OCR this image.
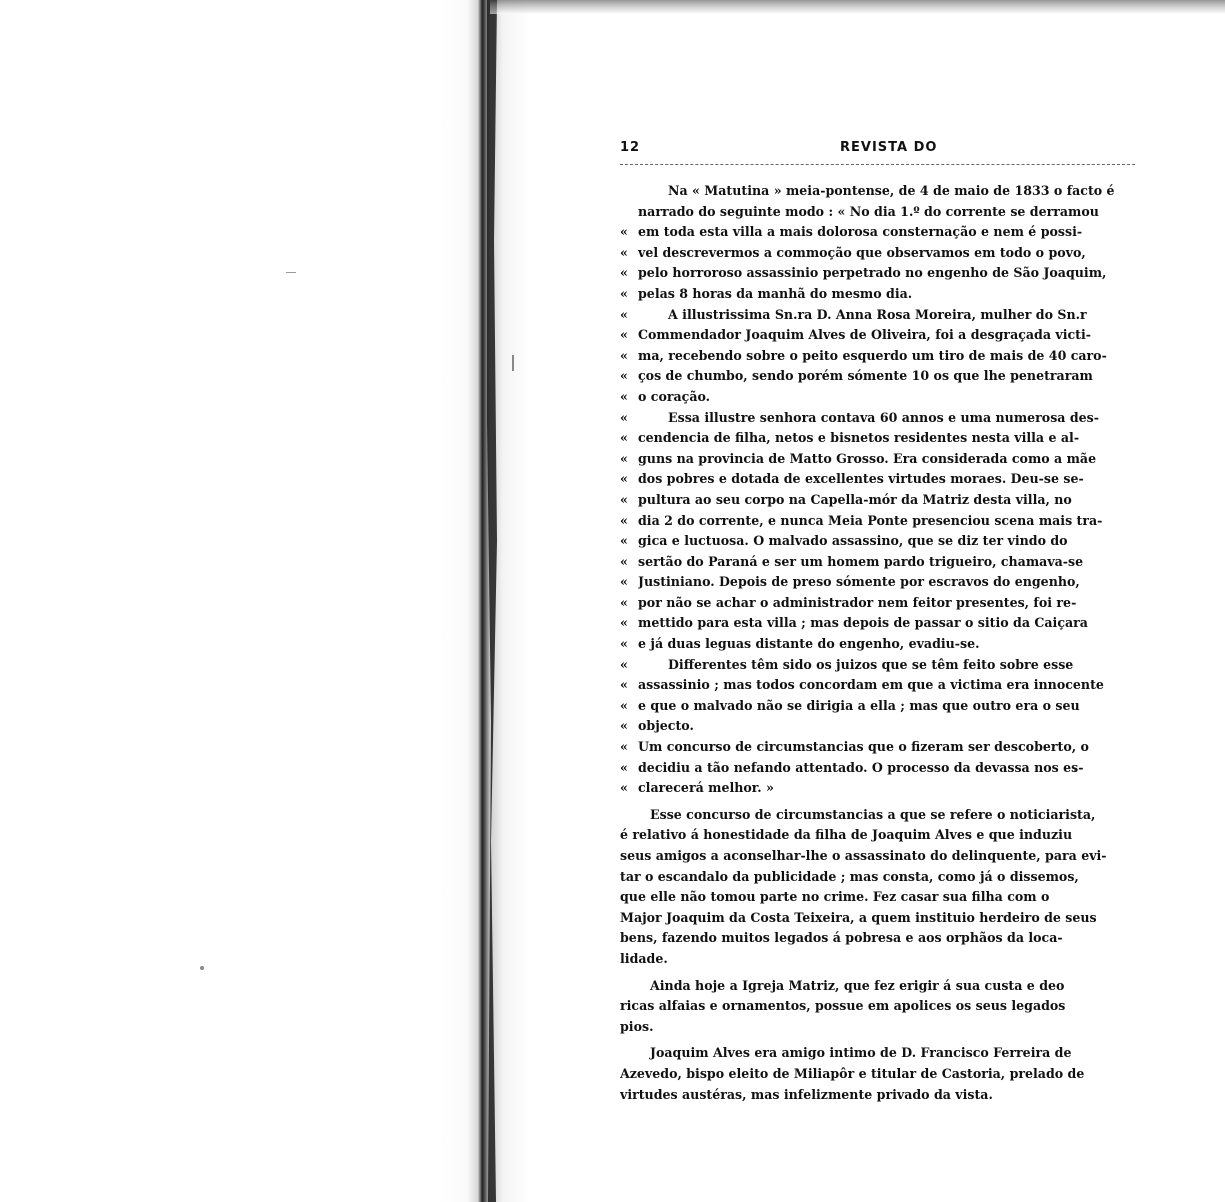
12	REVISTA DO
Na « Matutina » meia-pontense, de 4 de maio de 1833 o facto é
narrado do seguinte modo : « No dia 1.º do corrente se derramou
« em toda esta villa a mais dolorosa consternação e nem é possi-
« vel descrevermos a commoção que observamos em todo o povo,
« pelo horroroso assassinio perpetrado no engenho de São Joaquim,
« pelas 8 horas da manhã do mesmo dia.
«	A illustrissima Sn.ra D. Anna Rosa Moreira, mulher do Sn.r
« Commendador Joaquim Alves de Oliveira, foi a desgraçada victi-
« ma, recebendo sobre o peito esquerdo um tiro de mais de 40 caro-
« ços de chumbo, sendo porém sómente 10 os que lhe penetraram
« o coração.
«	Essa illustre senhora contava 60 annos e uma numerosa des-
« cendencia de filha, netos e bisnetos residentes nesta villa e al-
« guns na provincia de Matto Grosso. Era considerada como a mãe
« dos pobres e dotada de excellentes virtudes moraes. Deu-se se-
« pultura ao seu corpo na Capella-mór da Matriz desta villa, no
« dia 2 do corrente, e nunca Meia Ponte presenciou scena mais tra-
« gica e luctuosa. O malvado assassino, que se diz ter vindo do
« sertão do Paraná e ser um homem pardo trigueiro, chamava-se
« Justiniano. Depois de preso sómente por escravos do engenho,
« por não se achar o administrador nem feitor presentes, foi re-
« mettido para esta villa ; mas depois de passar o sitio da Caiçara
« e já duas leguas distante do engenho, evadiu-se.
«	Differentes têm sido os juizos que se têm feito sobre esse
« assassinio ; mas todos concordam em que a victima era innocente
« e que o malvado não se dirigia a ella ; mas que outro era o seu
« objecto.
« Um concurso de circumstancias que o fizeram ser descoberto, o
« decidiu a tão nefando attentado. O processo da devassa nos es-
« clarecerá melhor. »
Esse concurso de circumstancias a que se refere o noticiarista,
é relativo á honestidade da filha de Joaquim Alves e que induziu
seus amigos a aconselhar-lhe o assassinato do delinquente, para evi-
tar o escandalo da publicidade ; mas consta, como já o dissemos,
que elle não tomou parte no crime. Fez casar sua filha com o
Major Joaquim da Costa Teixeira, a quem instituio herdeiro de seus
bens, fazendo muitos legados á pobresa e aos orphãos da loca-
lidade.
Ainda hoje a Igreja Matriz, que fez erigir á sua custa e deo
ricas alfaias e ornamentos, possue em apolices os seus legados
pios.
Joaquim Alves era amigo intimo de D. Francisco Ferreira de
Azevedo, bispo eleito de Miliapôr e titular de Castoria, prelado de
virtudes austéras, mas infelizmente privado da vista.
